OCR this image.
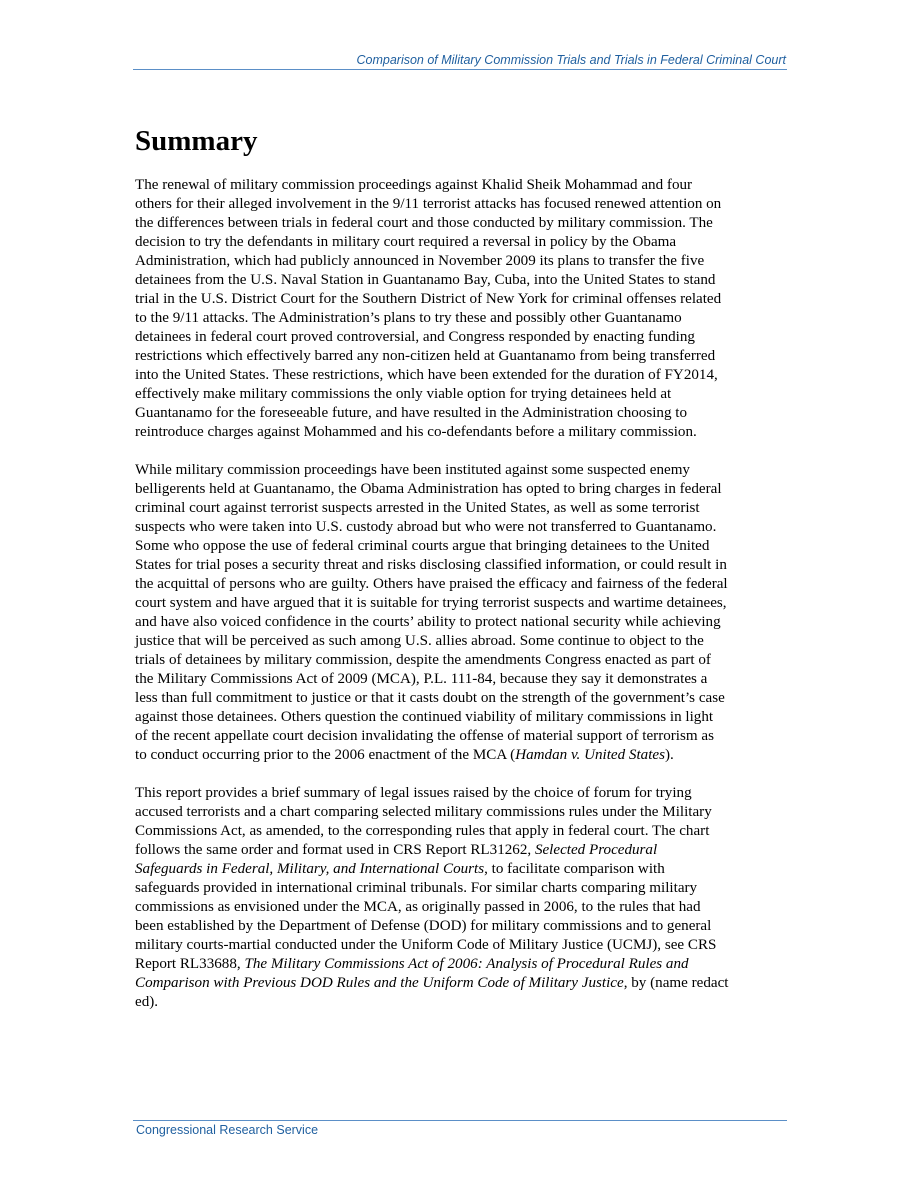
Comparison of Military Commission Trials and Trials in Federal Criminal Court
Summary

The renewal of military commission proceedings against Khalid Sheik Mohammad and four
others for their alleged involvement in the 9/11 terrorist attacks has focused renewed attention on
the differences between trials in federal court and those conducted by military commission. The
decision to try the defendants in military court required a reversal in policy by the Obama
Administration, which had publicly announced in November 2009 its plans to transfer the five
detainees from the U.S. Naval Station in Guantanamo Bay, Cuba, into the United States to stand
trial in the U.S. District Court for the Southern District of New York for criminal offenses related
to the 9/11 attacks. The Administration’s plans to try these and possibly other Guantanamo
detainees in federal court proved controversial, and Congress responded by enacting funding
restrictions which effectively barred any non-citizen held at Guantanamo from being transferred
into the United States. These restrictions, which have been extended for the duration of FY2014,
effectively make military commissions the only viable option for trying detainees held at
Guantanamo for the foreseeable future, and have resulted in the Administration choosing to
reintroduce charges against Mohammed and his co-defendants before a military commission.

While military commission proceedings have been instituted against some suspected enemy
belligerents held at Guantanamo, the Obama Administration has opted to bring charges in federal
criminal court against terrorist suspects arrested in the United States, as well as some terrorist
suspects who were taken into U.S. custody abroad but who were not transferred to Guantanamo.
Some who oppose the use of federal criminal courts argue that bringing detainees to the United
States for trial poses a security threat and risks disclosing classified information, or could result in
the acquittal of persons who are guilty. Others have praised the efficacy and fairness of the federal
court system and have argued that it is suitable for trying terrorist suspects and wartime detainees,
and have also voiced confidence in the courts’ ability to protect national security while achieving
justice that will be perceived as such among U.S. allies abroad. Some continue to object to the
trials of detainees by military commission, despite the amendments Congress enacted as part of
the Military Commissions Act of 2009 (MCA), P.L. 111-84, because they say it demonstrates a
less than full commitment to justice or that it casts doubt on the strength of the government’s case
against those detainees. Others question the continued viability of military commissions in light
of the recent appellate court decision invalidating the offense of material support of terrorism as
to conduct occurring prior to the 2006 enactment of the MCA (Hamdan v. United States).

This report provides a brief summary of legal issues raised by the choice of forum for trying
accused terrorists and a chart comparing selected military commissions rules under the Military
Commissions Act, as amended, to the corresponding rules that apply in federal court. The chart
follows the same order and format used in CRS Report RL31262, Selected Procedural
Safeguards in Federal, Military, and International Courts, to facilitate comparison with
safeguards provided in international criminal tribunals. For similar charts comparing military
commissions as envisioned under the MCA, as originally passed in 2006, to the rules that had
been established by the Department of Defense (DOD) for military commissions and to general
military courts-martial conducted under the Uniform Code of Military Justice (UCMJ), see CRS
Report RL33688, The Military Commissions Act of 2006: Analysis of Procedural Rules and
Comparison with Previous DOD Rules and the Uniform Code of Military Justice, by (name redact
ed).

Congressional Research Service
